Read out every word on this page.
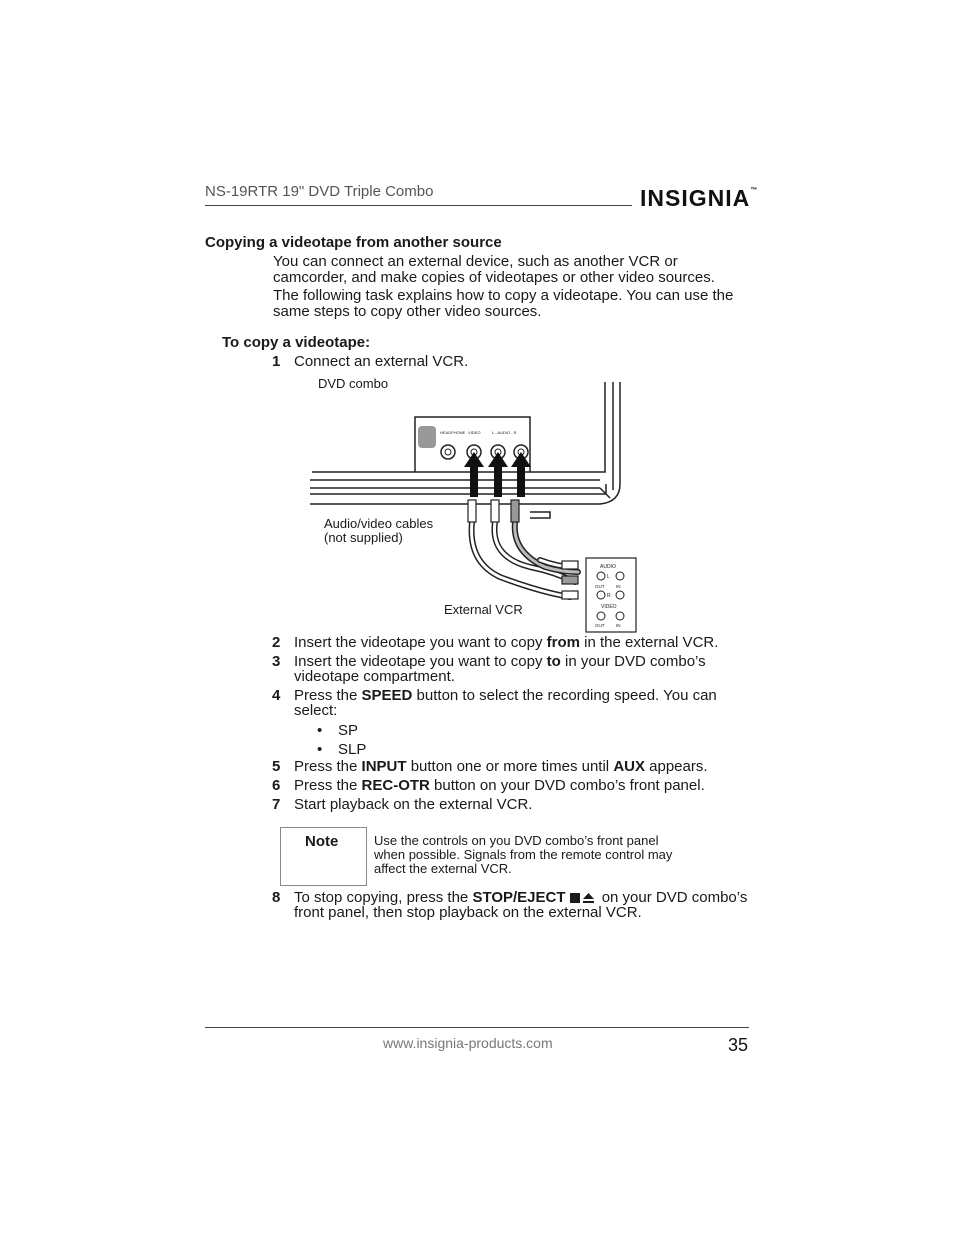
NS-19RTR 19" DVD Triple Combo	INSIGNIA™
Copying a videotape from another source
You can connect an external device, such as another VCR or camcorder, and make copies of videotapes or other video sources.
The following task explains how to copy a videotape. You can use the same steps to copy other video sources.
To copy a videotape:
1 Connect an external VCR.
HEADPHONE VIDEO	L - AUDIO - R
AUDIO
L
OUT	IN
R
VIDEO
OUT	IN
DVD combo
Audio/video cables
(not supplied)
External VCR
2 Insert the videotape you want to copy from in the external VCR.
3 Insert the videotape you want to copy to in your DVD combo’s videotape compartment.
4 Press the SPEED button to select the recording speed. You can select:
• SP
• SLP
5 Press the INPUT button one or more times until AUX appears.
6 Press the REC-OTR button on your DVD combo’s front panel.
7 Start playback on the external VCR.
Note	Use the controls on you DVD combo’s front panel when possible. Signals from the remote control may affect the external VCR.
8 To stop copying, press the STOP/EJECT on your DVD combo’s front panel, then stop playback on the external VCR.
www.insignia-products.com	35
